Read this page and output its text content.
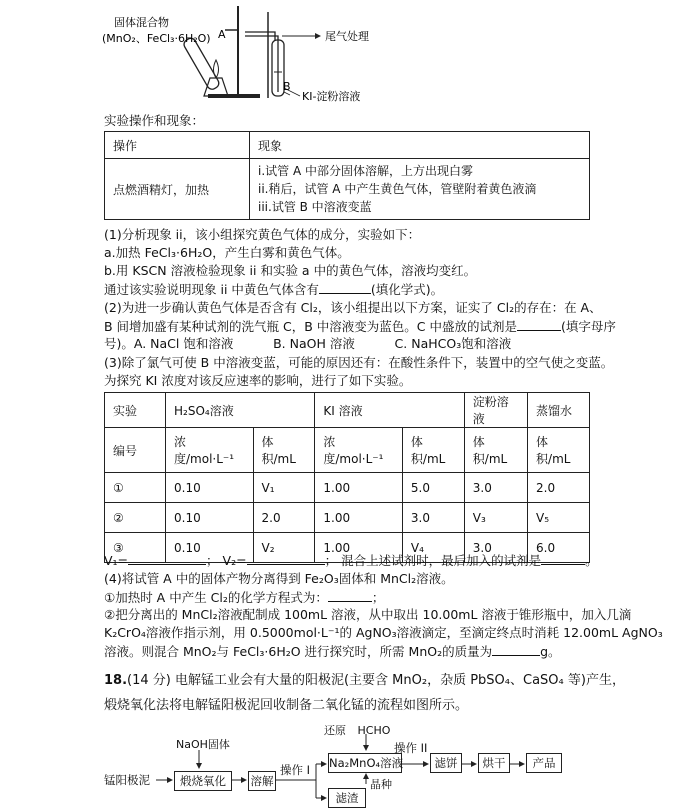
固体混合物
(MnO₂、FeCl₃·6H₂O) A
B
尾气处理
KI-淀粉溶液
实验操作和现象：
操作	现象
点燃酒精灯，加热	i.试管 A 中部分固体溶解，上方出现白雾
ii.稍后，试管 A 中产生黄色气体，管壁附着黄色液滴
iii.试管 B 中溶液变蓝
(1)分析现象 ii，该小组探究黄色气体的成分，实验如下：
a.加热 FeCl₃·6H₂O，产生白雾和黄色气体。
b.用 KSCN 溶液检验现象 ii 和实验 a 中的黄色气体，溶液均变红。
通过该实验说明现象 ii 中黄色气体含有	(填化学式)。
(2)为进一步确认黄色气体是否含有 Cl₂，该小组提出以下方案，证实了 Cl₂的存在：在 A、
B 间增加盛有某种试剂的洗气瓶 C，B 中溶液变为蓝色。C 中盛放的试剂是	(填字母序
号)。A. NaCl 饱和溶液          B. NaOH 溶液          C. NaHCO₃饱和溶液
(3)除了氯气可使 B 中溶液变蓝，可能的原因还有：在酸性条件下，装置中的空气使之变蓝。
为探究 KI 浓度对该反应速率的影响，进行了如下实验。
实验	H₂SO₄溶液		KI 溶液		淀粉溶液	蒸馏水
编号	浓度/mol·L⁻¹	体积/mL	浓度/mol·L⁻¹	体积/mL	体积/mL	体积/mL
①	0.10	V₁	1.00	5.0	3.0	2.0
②	0.10	2.0	1.00	3.0	V₃	V₅
③	0.10	V₂	1.00	V₄	3.0	6.0
V₁=	； V₂=	； 混合上述试剂时，最后加入的试剂是	。
(4)将试管 A 中的固体产物分离得到 Fe₂O₃固体和 MnCl₂溶液。
①加热时 A 中产生 Cl₂的化学方程式为：	；
②把分离出的 MnCl₂溶液配制成 100mL 溶液，从中取出 10.00mL 溶液于锥形瓶中，加入几滴
K₂CrO₄溶液作指示剂，用 0.5000mol·L⁻¹的 AgNO₃溶液滴定，至滴定终点时消耗 12.00mL AgNO₃
溶液。则混合 MnO₂与 FeCl₃·6H₂O 进行探究时，所需 MnO₂的质量为	g。
18.(14 分) 电解锰工业会有大量的阳极泥(主要含 MnO₂，杂质 PbSO₄、CaSO₄ 等)产生，
煅烧氧化法将电解锰阳极泥回收制备二氧化锰的流程如图所示。
锰阳极泥
NaOH固体
煅烧氧化	溶解
操作 I
还原 HCHO
Na₂MnO₄溶液
操作 II
晶种
滤渣
滤饼	烘干	产品
